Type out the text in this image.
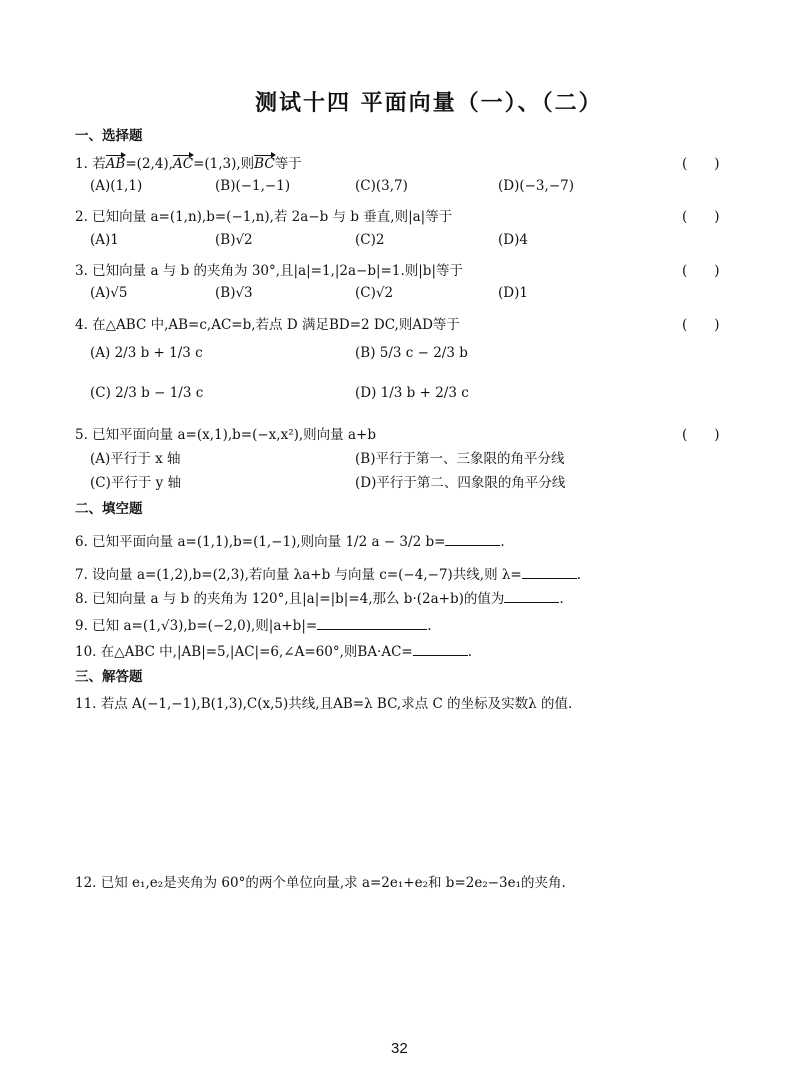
测试十四 平面向量（一）、（二）
一、选择题
1. 若AB=(2,4),AC=(1,3),则BC等于	(　　)
(A)(1,1)	(B)(−1,−1)	(C)(3,7)	(D)(−3,−7)
2. 已知向量 a=(1,n),b=(−1,n),若 2a−b 与 b 垂直,则|a|等于	(　　)
(A)1	(B)√2	(C)2	(D)4
3. 已知向量 a 与 b 的夹角为 30°,且|a|=1,|2a−b|=1.则|b|等于	(　　)
(A)√5	(B)√3	(C)√2	(D)1
4. 在△ABC 中,AB=c,AC=b,若点 D 满足BD=2 DC,则AD等于	(　　)
(A) 2/3 b + 1/3 c	(B) 5/3 c − 2/3 b
(C) 2/3 b − 1/3 c	(D) 1/3 b + 2/3 c
5. 已知平面向量 a=(x,1),b=(−x,x²),则向量 a+b	(　　)
(A)平行于 x 轴	(B)平行于第一、三象限的角平分线
(C)平行于 y 轴	(D)平行于第二、四象限的角平分线
二、填空题
6. 已知平面向量 a=(1,1),b=(1,−1),则向量 1/2 a − 3/2 b=	.
7. 设向量 a=(1,2),b=(2,3),若向量 λa+b 与向量 c=(−4,−7)共线,则 λ=	.
8. 已知向量 a 与 b 的夹角为 120°,且|a|=|b|=4,那么 b·(2a+b)的值为	.
9. 已知 a=(1,√3),b=(−2,0),则|a+b|=	.
10. 在△ABC 中,|AB|=5,|AC|=6,∠A=60°,则BA·AC=	.
三、解答题
11. 若点 A(−1,−1),B(1,3),C(x,5)共线,且AB=λ BC,求点 C 的坐标及实数λ 的值.
12. 已知 e₁,e₂是夹角为 60°的两个单位向量,求 a=2e₁+e₂和 b=2e₂−3e₁的夹角.
32
